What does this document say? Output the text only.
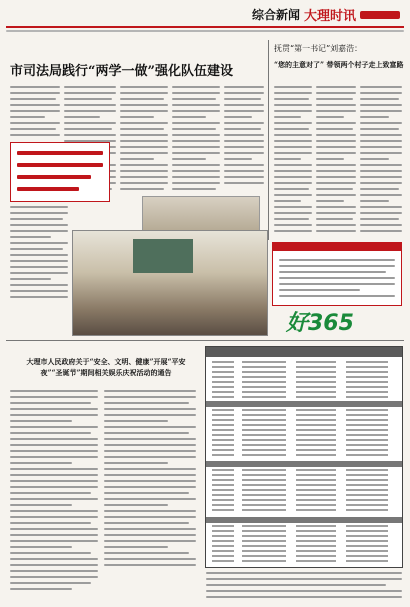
综合新闻 大理时讯
市司法局践行“两学一做”强化队伍建设
抚贯“第一书记”刘嘉浩：
“您的主意对了” 带领两个村子走上致富路
好365
大理市人民政府关于“安全、文明、健康”开展“平安夜”“圣诞节”期间相关娱乐庆祝活动的通告
